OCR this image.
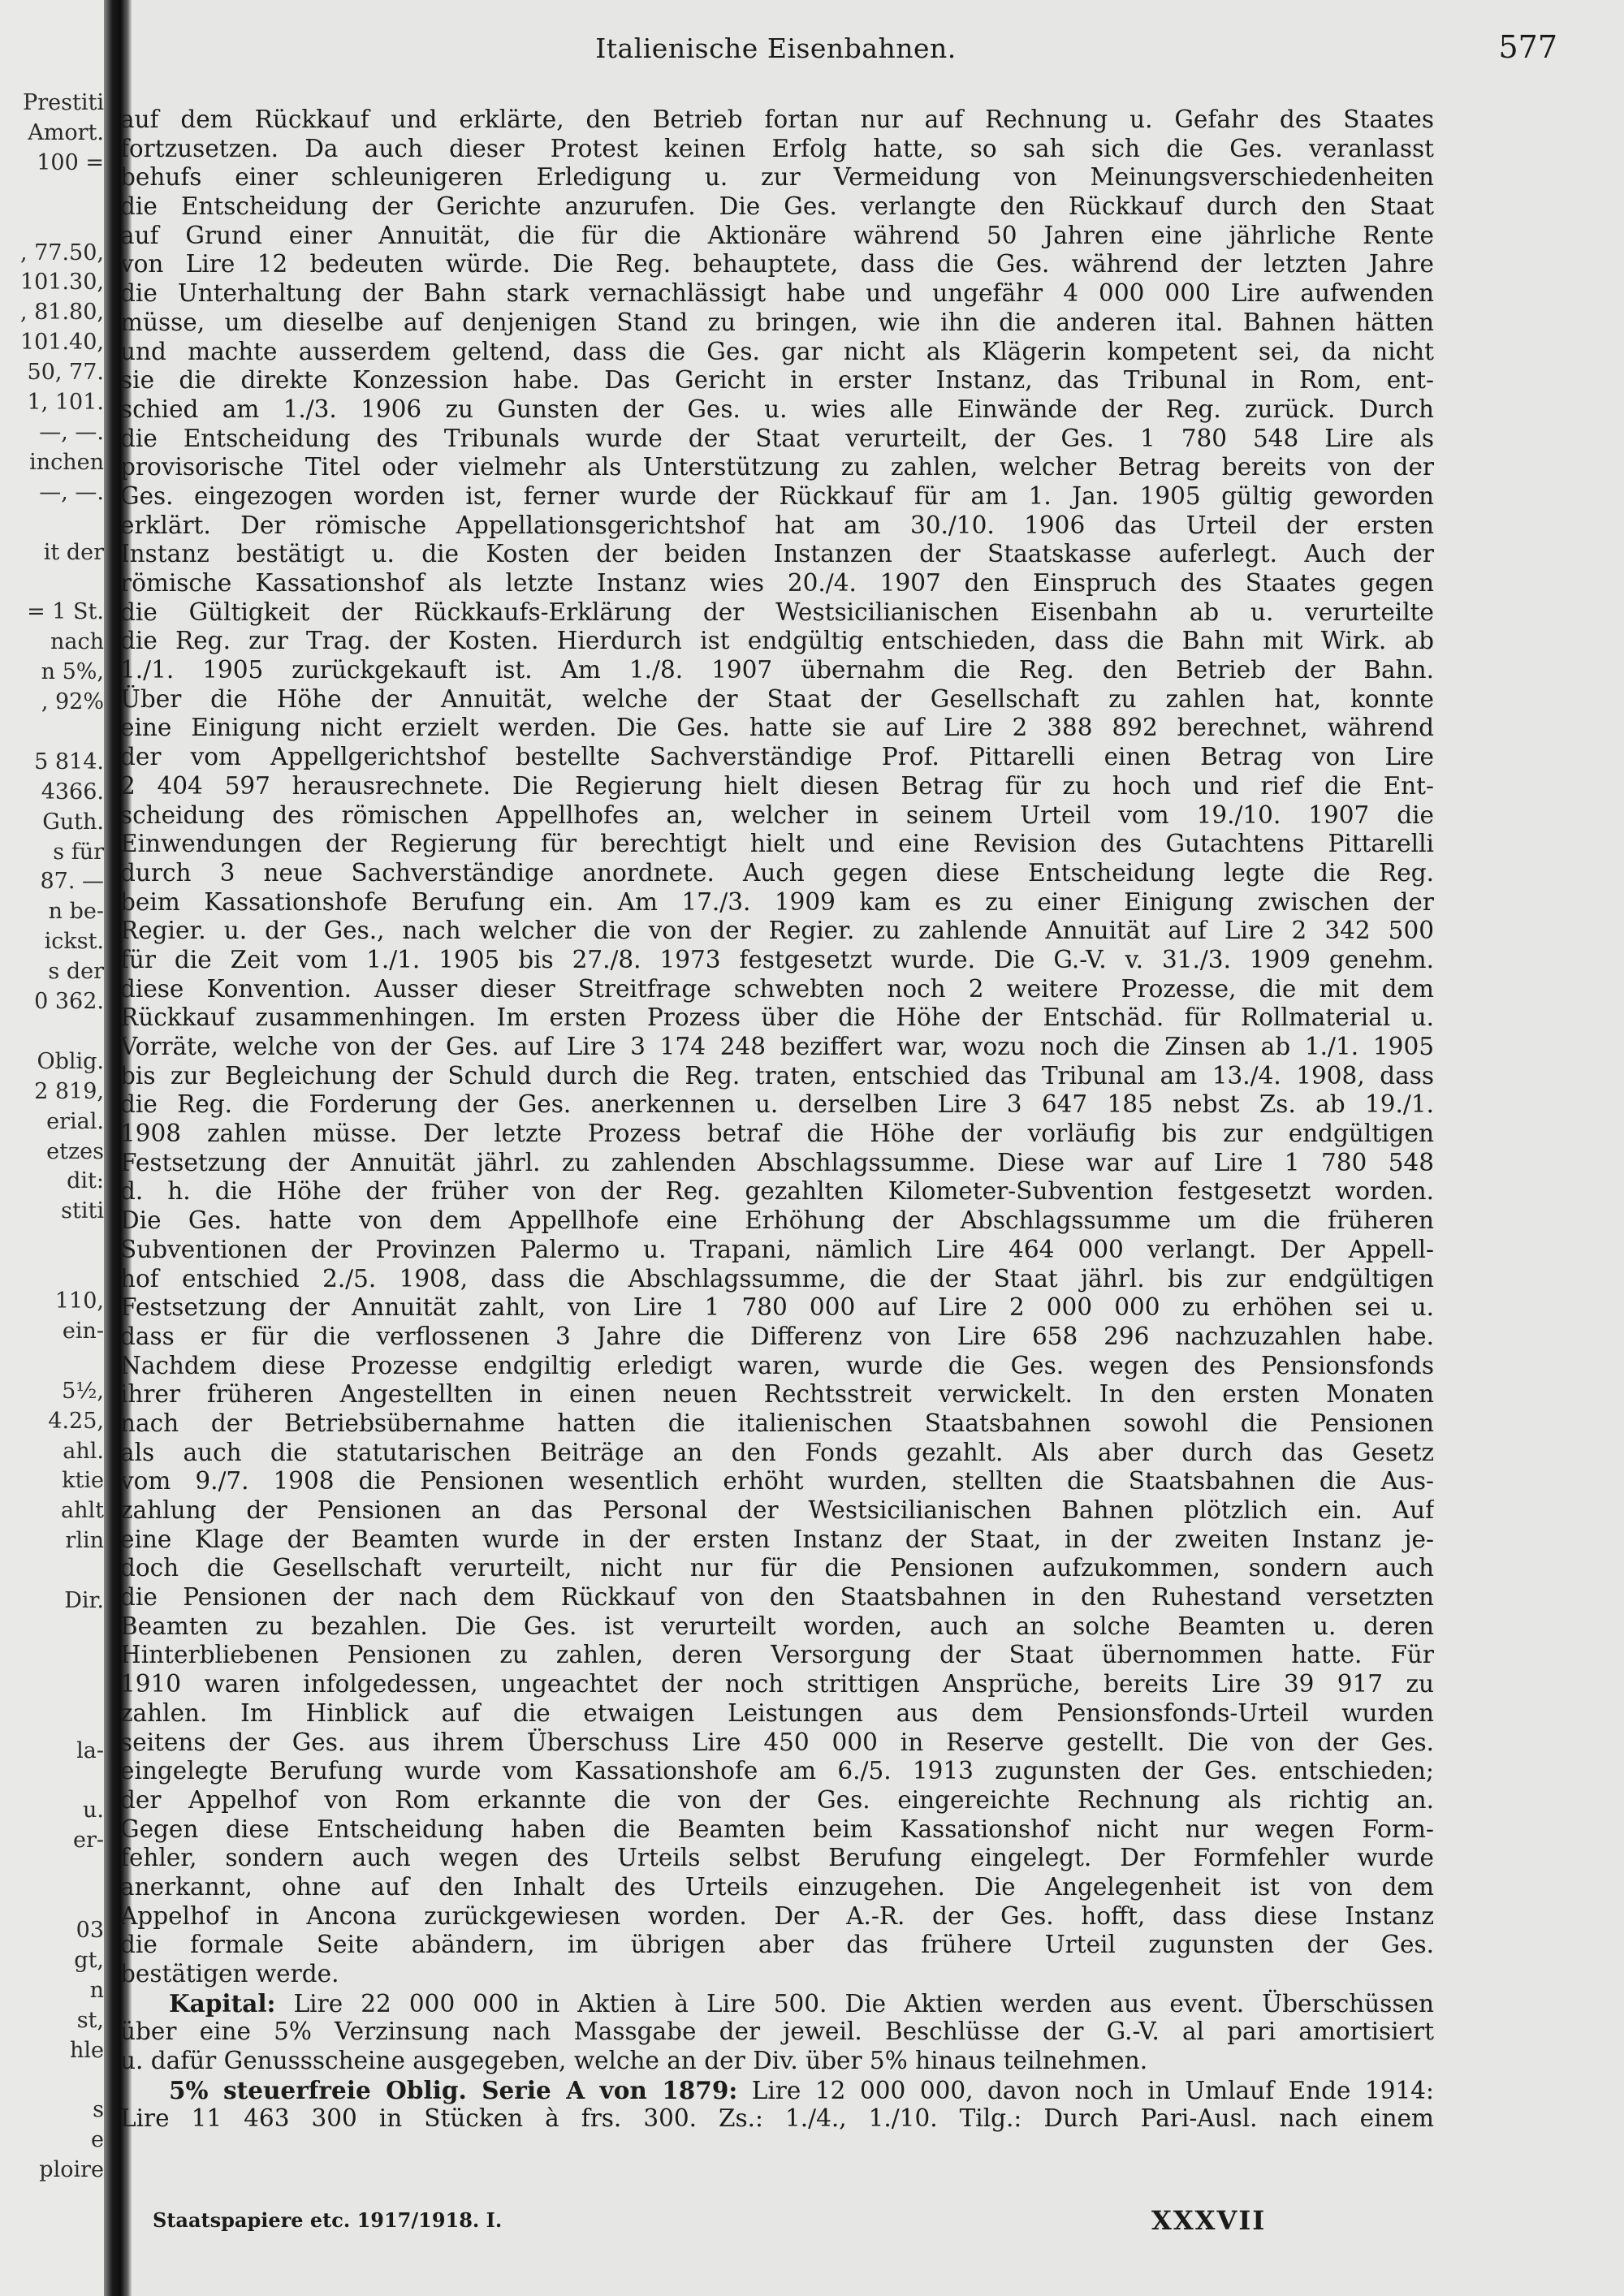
Prestiti
Amort.
100 =
, 77.50,
101.30,
, 81.80,
101.40,
50, 77.
1, 101.
—, —.
inchen
—, —.
it der
= 1 St.
nach
n 5%,
, 92%
5 814.
4366.
Guth.
s für
87. —
n be-
ickst.
s der
0 362.
Oblig.
2 819,
erial.
etzes
dit:
stiti
110,
ein-
5½,
4.25,
ahl.
ktie
ahlt
rlin
Dir.
la-
u.
er-
03
gt,
n
st,
hle
s
e
ploire
Italienische Eisenbahnen.	577
auf dem Rückkauf und erklärte, den Betrieb fortan nur auf Rechnung u. Gefahr des Staates
fortzusetzen. Da auch dieser Protest keinen Erfolg hatte, so sah sich die Ges. veranlasst
behufs einer schleunigeren Erledigung u. zur Vermeidung von Meinungsverschiedenheiten
die Entscheidung der Gerichte anzurufen. Die Ges. verlangte den Rückkauf durch den Staat
auf Grund einer Annuität, die für die Aktionäre während 50 Jahren eine jährliche Rente
von Lire 12 bedeuten würde. Die Reg. behauptete, dass die Ges. während der letzten Jahre
die Unterhaltung der Bahn stark vernachlässigt habe und ungefähr 4 000 000 Lire aufwenden
müsse, um dieselbe auf denjenigen Stand zu bringen, wie ihn die anderen ital. Bahnen hätten
und machte ausserdem geltend, dass die Ges. gar nicht als Klägerin kompetent sei, da nicht
sie die direkte Konzession habe. Das Gericht in erster Instanz, das Tribunal in Rom, ent-
schied am 1./3. 1906 zu Gunsten der Ges. u. wies alle Einwände der Reg. zurück. Durch
die Entscheidung des Tribunals wurde der Staat verurteilt, der Ges. 1 780 548 Lire als
provisorische Titel oder vielmehr als Unterstützung zu zahlen, welcher Betrag bereits von der
Ges. eingezogen worden ist, ferner wurde der Rückkauf für am 1. Jan. 1905 gültig geworden
erklärt. Der römische Appellationsgerichtshof hat am 30./10. 1906 das Urteil der ersten
Instanz bestätigt u. die Kosten der beiden Instanzen der Staatskasse auferlegt. Auch der
römische Kassationshof als letzte Instanz wies 20./4. 1907 den Einspruch des Staates gegen
die Gültigkeit der Rückkaufs-Erklärung der Westsicilianischen Eisenbahn ab u. verurteilte
die Reg. zur Trag. der Kosten. Hierdurch ist endgültig entschieden, dass die Bahn mit Wirk. ab
1./1. 1905 zurückgekauft ist. Am 1./8. 1907 übernahm die Reg. den Betrieb der Bahn.
Über die Höhe der Annuität, welche der Staat der Gesellschaft zu zahlen hat, konnte
eine Einigung nicht erzielt werden. Die Ges. hatte sie auf Lire 2 388 892 berechnet, während
der vom Appellgerichtshof bestellte Sachverständige Prof. Pittarelli einen Betrag von Lire
2 404 597 herausrechnete. Die Regierung hielt diesen Betrag für zu hoch und rief die Ent-
scheidung des römischen Appellhofes an, welcher in seinem Urteil vom 19./10. 1907 die
Einwendungen der Regierung für berechtigt hielt und eine Revision des Gutachtens Pittarelli
durch 3 neue Sachverständige anordnete. Auch gegen diese Entscheidung legte die Reg.
beim Kassationshofe Berufung ein. Am 17./3. 1909 kam es zu einer Einigung zwischen der
Regier. u. der Ges., nach welcher die von der Regier. zu zahlende Annuität auf Lire 2 342 500
für die Zeit vom 1./1. 1905 bis 27./8. 1973 festgesetzt wurde. Die G.-V. v. 31./3. 1909 genehm.
diese Konvention. Ausser dieser Streitfrage schwebten noch 2 weitere Prozesse, die mit dem
Rückkauf zusammenhingen. Im ersten Prozess über die Höhe der Entschäd. für Rollmaterial u.
Vorräte, welche von der Ges. auf Lire 3 174 248 beziffert war, wozu noch die Zinsen ab 1./1. 1905
bis zur Begleichung der Schuld durch die Reg. traten, entschied das Tribunal am 13./4. 1908, dass
die Reg. die Forderung der Ges. anerkennen u. derselben Lire 3 647 185 nebst Zs. ab 19./1.
1908 zahlen müsse. Der letzte Prozess betraf die Höhe der vorläufig bis zur endgültigen
Festsetzung der Annuität jährl. zu zahlenden Abschlagssumme. Diese war auf Lire 1 780 548
d. h. die Höhe der früher von der Reg. gezahlten Kilometer-Subvention festgesetzt worden.
Die Ges. hatte von dem Appellhofe eine Erhöhung der Abschlagssumme um die früheren
Subventionen der Provinzen Palermo u. Trapani, nämlich Lire 464 000 verlangt. Der Appell-
hof entschied 2./5. 1908, dass die Abschlagssumme, die der Staat jährl. bis zur endgültigen
Festsetzung der Annuität zahlt, von Lire 1 780 000 auf Lire 2 000 000 zu erhöhen sei u.
dass er für die verflossenen 3 Jahre die Differenz von Lire 658 296 nachzuzahlen habe.
Nachdem diese Prozesse endgiltig erledigt waren, wurde die Ges. wegen des Pensionsfonds
ihrer früheren Angestellten in einen neuen Rechtsstreit verwickelt. In den ersten Monaten
nach der Betriebsübernahme hatten die italienischen Staatsbahnen sowohl die Pensionen
als auch die statutarischen Beiträge an den Fonds gezahlt. Als aber durch das Gesetz
vom 9./7. 1908 die Pensionen wesentlich erhöht wurden, stellten die Staatsbahnen die Aus-
zahlung der Pensionen an das Personal der Westsicilianischen Bahnen plötzlich ein. Auf
eine Klage der Beamten wurde in der ersten Instanz der Staat, in der zweiten Instanz je-
doch die Gesellschaft verurteilt, nicht nur für die Pensionen aufzukommen, sondern auch
die Pensionen der nach dem Rückkauf von den Staatsbahnen in den Ruhestand versetzten
Beamten zu bezahlen. Die Ges. ist verurteilt worden, auch an solche Beamten u. deren
Hinterbliebenen Pensionen zu zahlen, deren Versorgung der Staat übernommen hatte. Für
1910 waren infolgedessen, ungeachtet der noch strittigen Ansprüche, bereits Lire 39 917 zu
zahlen. Im Hinblick auf die etwaigen Leistungen aus dem Pensionsfonds-Urteil wurden
seitens der Ges. aus ihrem Überschuss Lire 450 000 in Reserve gestellt. Die von der Ges.
eingelegte Berufung wurde vom Kassationshofe am 6./5. 1913 zugunsten der Ges. entschieden;
der Appelhof von Rom erkannte die von der Ges. eingereichte Rechnung als richtig an.
Gegen diese Entscheidung haben die Beamten beim Kassationshof nicht nur wegen Form-
fehler, sondern auch wegen des Urteils selbst Berufung eingelegt. Der Formfehler wurde
anerkannt, ohne auf den Inhalt des Urteils einzugehen. Die Angelegenheit ist von dem
Appelhof in Ancona zurückgewiesen worden. Der A.-R. der Ges. hofft, dass diese Instanz
die formale Seite abändern, im übrigen aber das frühere Urteil zugunsten der Ges.
bestätigen werde.
Kapital: Lire 22 000 000 in Aktien à Lire 500. Die Aktien werden aus event. Überschüssen
über eine 5% Verzinsung nach Massgabe der jeweil. Beschlüsse der G.-V. al pari amortisiert
u. dafür Genussscheine ausgegeben, welche an der Div. über 5% hinaus teilnehmen.
5% steuerfreie Oblig. Serie A von 1879: Lire 12 000 000, davon noch in Umlauf Ende 1914:
Lire 11 463 300 in Stücken à frs. 300. Zs.: 1./4., 1./10. Tilg.: Durch Pari-Ausl. nach einem
Staatspapiere etc. 1917/1918. I.	XXXVII
